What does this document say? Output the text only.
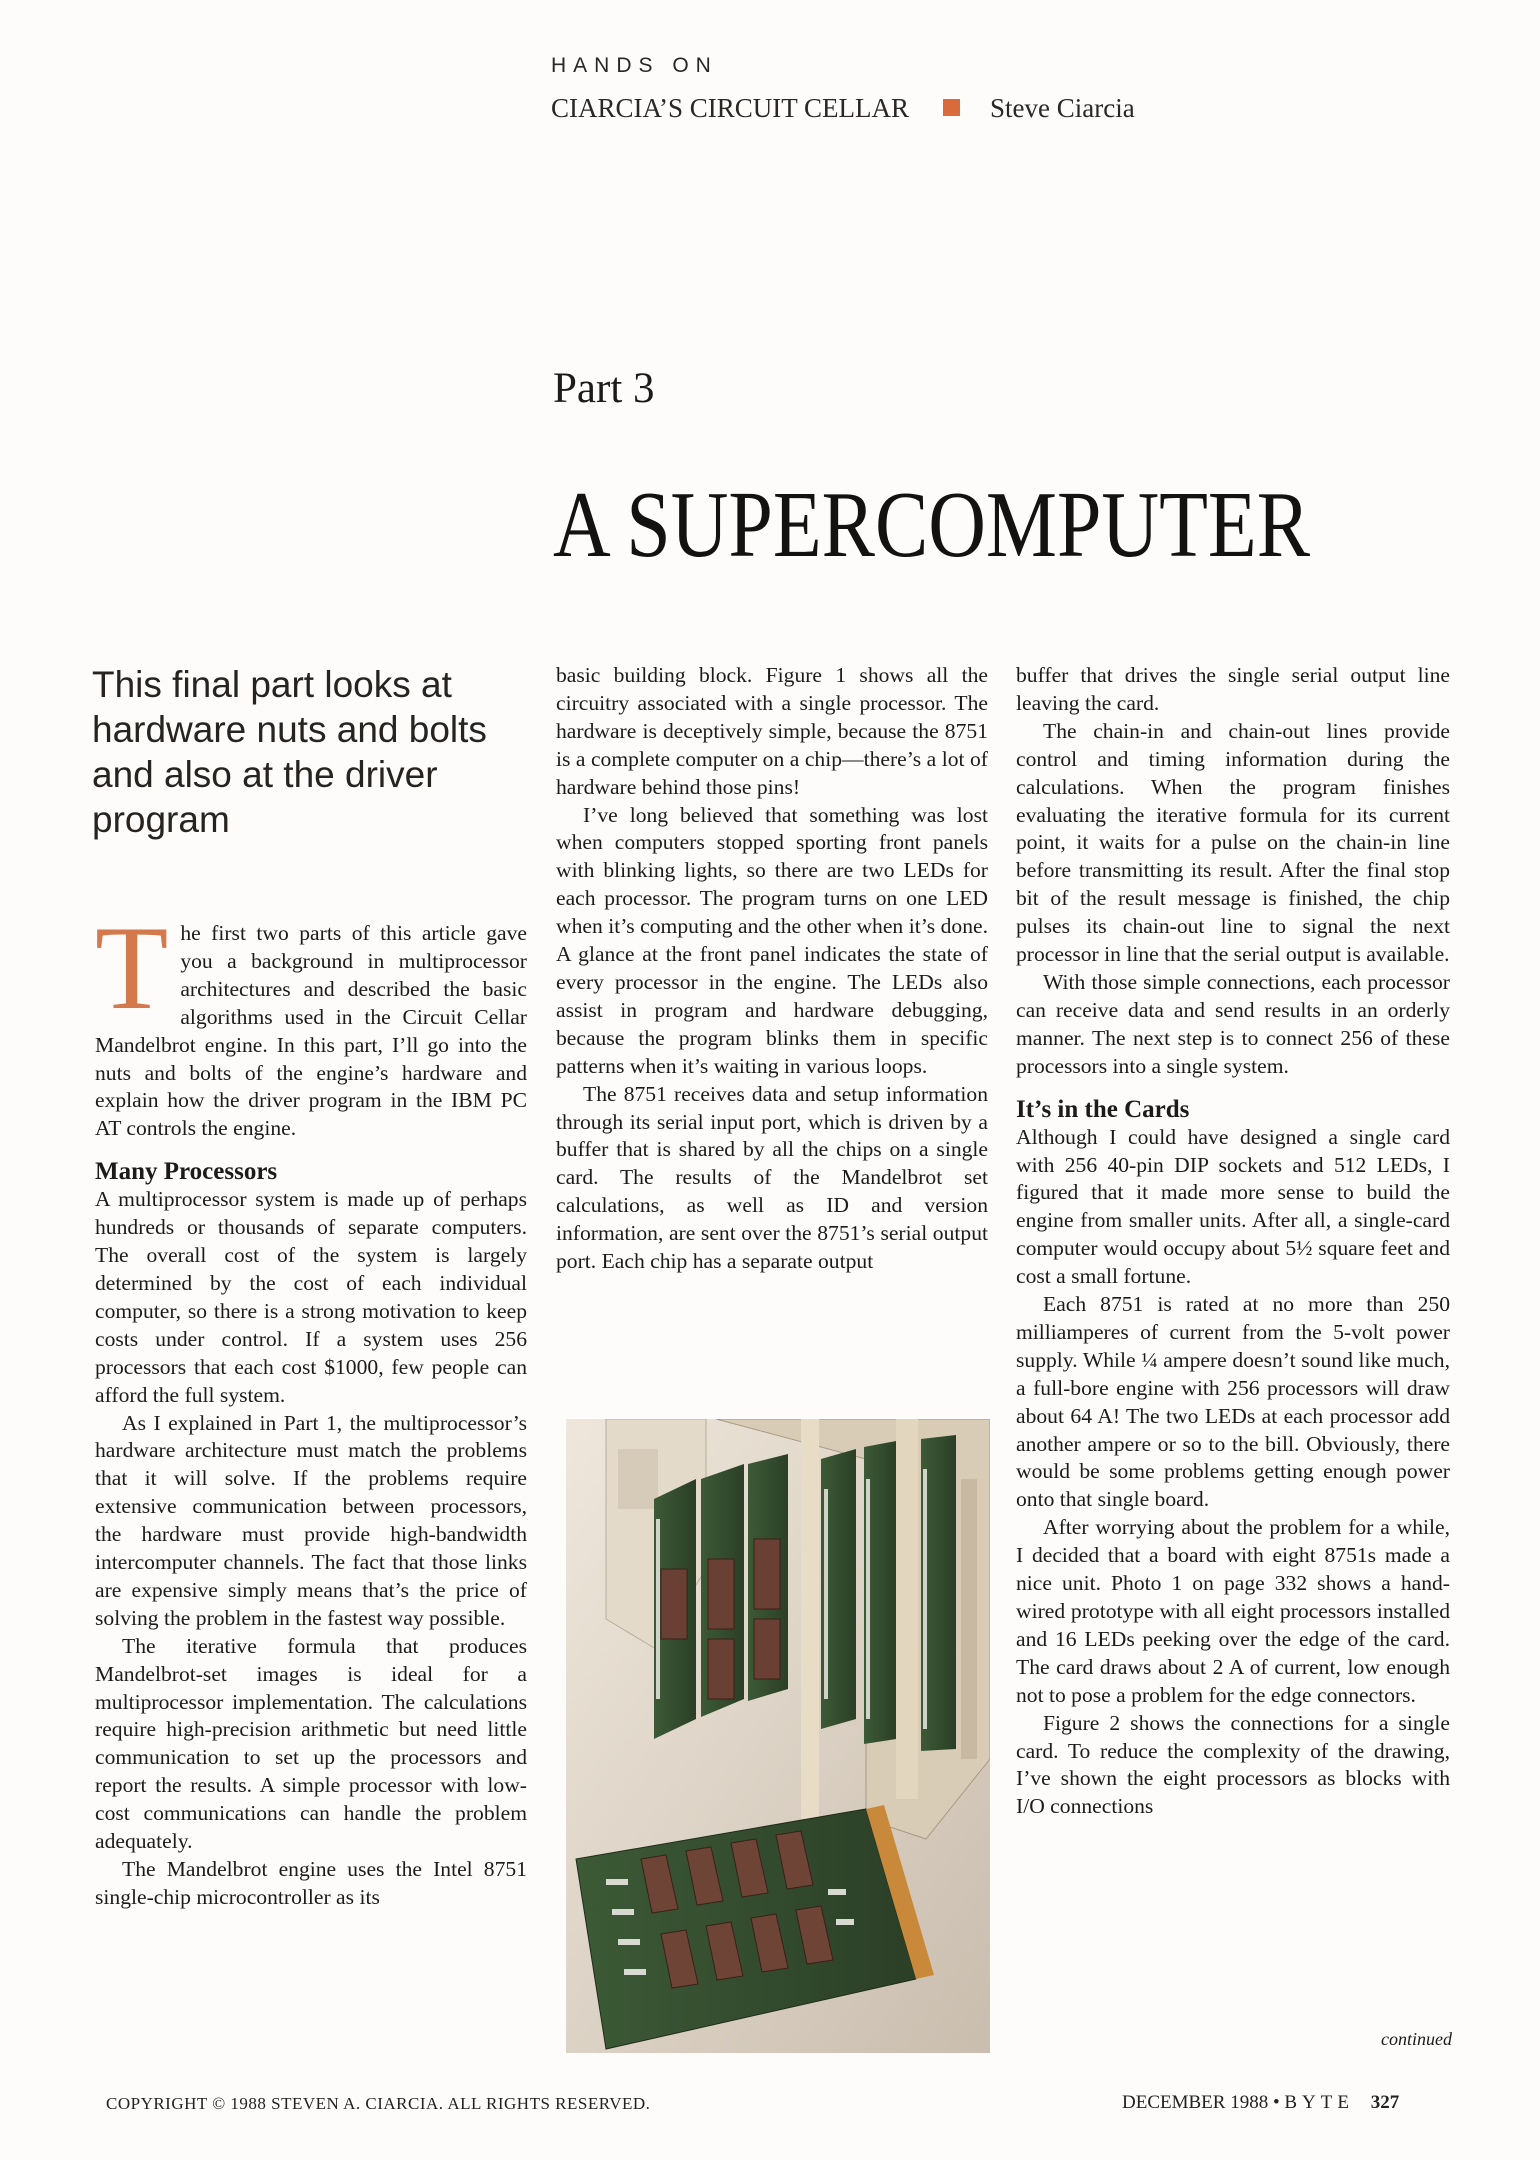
HANDS ON
CIARCIA’S CIRCUIT CELLAR	Steve Ciarcia
Part 3
A SUPERCOMPUTER
This final part looks at hardware nuts and bolts and also at the driver program
T he first two parts of this article gave you a background in multiprocessor architectures and described the basic algorithms used in the Circuit Cellar Mandelbrot engine. In this part, I’ll go into the nuts and bolts of the engine’s hardware and explain how the driver program in the IBM PC AT controls the engine.

Many Processors

A multiprocessor system is made up of perhaps hundreds or thousands of separate computers. The overall cost of the system is largely determined by the cost of each individual computer, so there is a strong motivation to keep costs under control. If a system uses 256 processors that each cost $1000, few people can afford the full system.

As I explained in Part 1, the multiprocessor’s hardware architecture must match the problems that it will solve. If the problems require extensive communication between processors, the hardware must provide high-bandwidth intercomputer channels. The fact that those links are expensive simply means that’s the price of solving the problem in the fastest way possible.

The iterative formula that produces Mandelbrot-set images is ideal for a multiprocessor implementation. The calculations require high-precision arithmetic but need little communication to set up the processors and report the results. A simple processor with low-cost communications can handle the problem adequately.

The Mandelbrot engine uses the Intel 8751 single-chip microcontroller as its

basic building block. Figure 1 shows all the circuitry associated with a single processor. The hardware is deceptively simple, because the 8751 is a complete computer on a chip—there’s a lot of hardware behind those pins!

I’ve long believed that something was lost when computers stopped sporting front panels with blinking lights, so there are two LEDs for each processor. The program turns on one LED when it’s computing and the other when it’s done. A glance at the front panel indicates the state of every processor in the engine. The LEDs also assist in program and hardware debugging, because the program blinks them in specific patterns when it’s waiting in various loops.

The 8751 receives data and setup information through its serial input port, which is driven by a buffer that is shared by all the chips on a single card. The results of the Mandelbrot set calculations, as well as ID and version information, are sent over the 8751’s serial output port. Each chip has a separate output

buffer that drives the single serial output line leaving the card.

The chain-in and chain-out lines provide control and timing information during the calculations. When the program finishes evaluating the iterative formula for its current point, it waits for a pulse on the chain-in line before transmitting its result. After the final stop bit of the result message is finished, the chip pulses its chain-out line to signal the next processor in line that the serial output is available.

With those simple connections, each processor can receive data and send results in an orderly manner. The next step is to connect 256 of these processors into a single system.

It’s in the Cards

Although I could have designed a single card with 256 40-pin DIP sockets and 512 LEDs, I figured that it made more sense to build the engine from smaller units. After all, a single-card computer would occupy about 5½ square feet and cost a small fortune.

Each 8751 is rated at no more than 250 milliamperes of current from the 5-volt power supply. While ¼ ampere doesn’t sound like much, a full-bore engine with 256 processors will draw about 64 A! The two LEDs at each processor add another ampere or so to the bill. Obviously, there would be some problems getting enough power onto that single board.

After worrying about the problem for a while, I decided that a board with eight 8751s made a nice unit. Photo 1 on page 332 shows a hand-wired prototype with all eight processors installed and 16 LEDs peeking over the edge of the card. The card draws about 2 A of current, low enough not to pose a problem for the edge connectors.

Figure 2 shows the connections for a single card. To reduce the complexity of the drawing, I’ve shown the eight processors as blocks with I/O connections

continued
COPYRIGHT © 1988 STEVEN A. CIARCIA. ALL RIGHTS RESERVED.	DECEMBER 1988 • BYTE 327
